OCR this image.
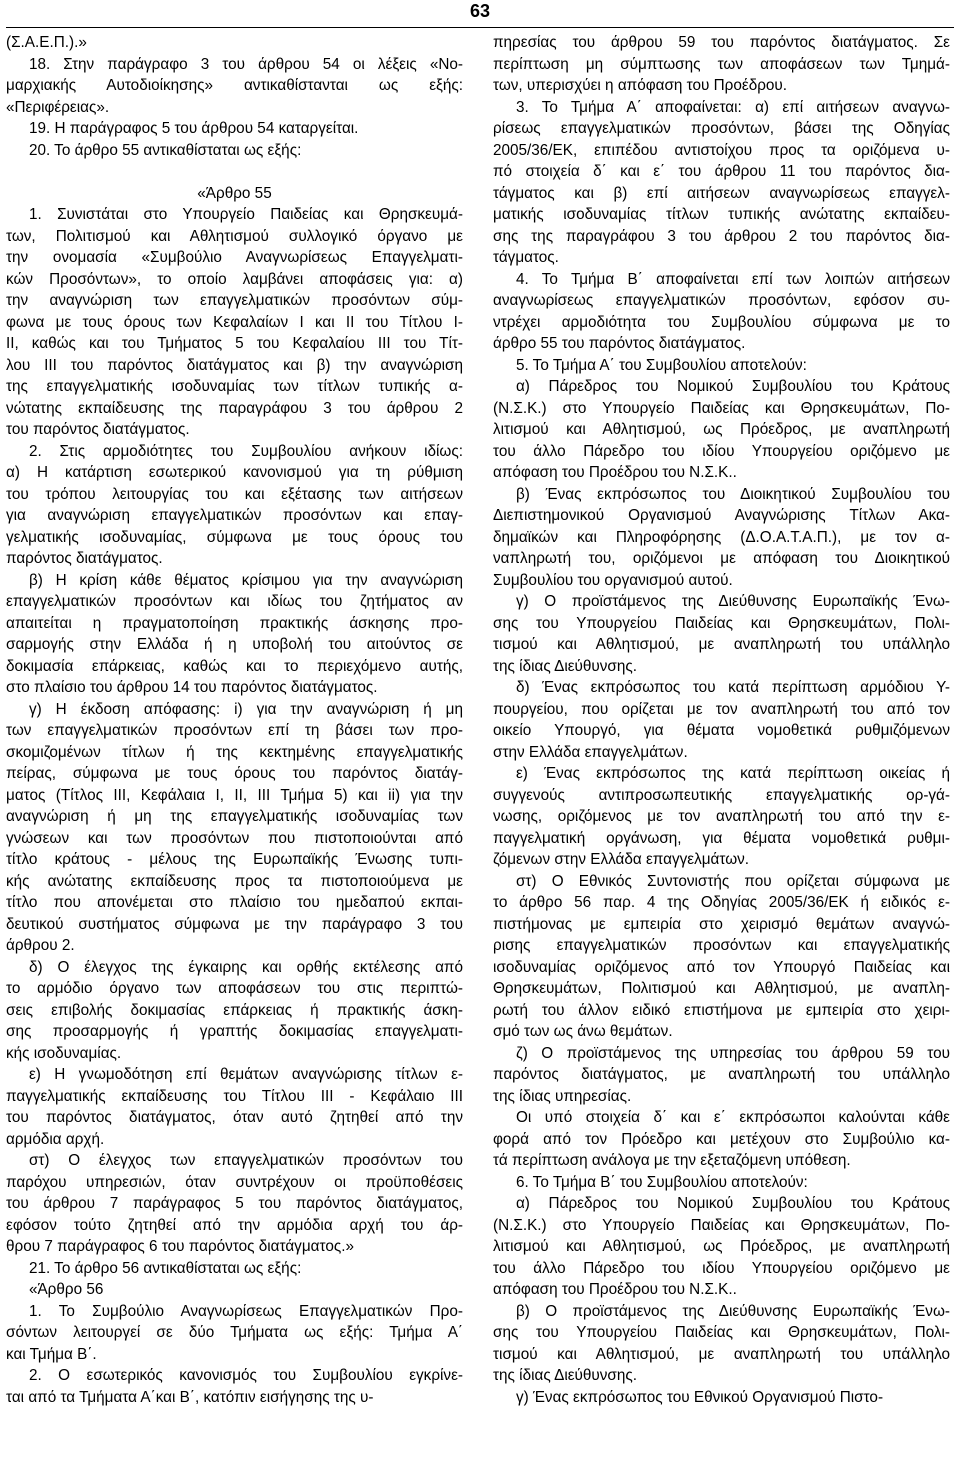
63
(Σ.Α.Ε.Π.).»
  18. Στην παράγραφο 3 του άρθρου 54 οι λέξεις «Νο-
μαρχιακής Αυτοδιοίκησης» αντικαθίστανται ως εξής:
«Περιφέρειας».
  19. Η παράγραφος 5 του άρθρου 54 καταργείται.
  20. Το άρθρο 55 αντικαθίσταται ως εξής:
«Άρθρο 55
  1. Συνιστάται στο Υπουργείο Παιδείας και Θρησκευμά-
των, Πολιτισμού και Αθλητισμού συλλογικό όργανο με
την ονομασία «Συμβούλιο Αναγνωρίσεως Επαγγελματι-
κών Προσόντων», το οποίο λαμβάνει αποφάσεις για: α)
την αναγνώριση των επαγγελματικών προσόντων σύμ-
φωνα με τους όρους των Κεφαλαίων Ι και ΙΙ του Τίτλου Ι-
ΙΙ, καθώς και του Τμήματος 5 του Κεφαλαίου ΙΙΙ του Τίτ-
λου ΙΙΙ του παρόντος διατάγματος και β) την αναγνώριση
της επαγγελματικής ισοδυναμίας των τίτλων τυπικής α-
νώτατης εκπαίδευσης της παραγράφου 3 του άρθρου 2
του παρόντος διατάγματος.
  2. Στις αρμοδιότητες του Συμβουλίου ανήκουν ιδίως:
α) Η κατάρτιση εσωτερικού κανονισμού για τη ρύθμιση
του τρόπου λειτουργίας του και εξέτασης των αιτήσεων
για αναγνώριση επαγγελματικών προσόντων και επαγ-
γελματικής ισοδυναμίας, σύμφωνα με τους όρους του
παρόντος διατάγματος.
  β) Η κρίση κάθε θέματος κρίσιμου για την αναγνώριση
επαγγελματικών προσόντων και ιδίως του ζητήματος αν
απαιτείται η πραγματοποίηση πρακτικής άσκησης προ-
σαρμογής στην Ελλάδα ή η υποβολή του αιτούντος σε
δοκιμασία επάρκειας, καθώς και το περιεχόμενο αυτής,
στο πλαίσιο του άρθρου 14 του παρόντος διατάγματος.
  γ) Η έκδοση απόφασης: i) για την αναγνώριση ή μη
των επαγγελματικών προσόντων επί τη βάσει των προ-
σκομιζομένων τίτλων ή της κεκτημένης επαγγελματικής
πείρας, σύμφωνα με τους όρους του παρόντος διατάγ-
ματος (Τίτλος ΙΙΙ, Κεφάλαια Ι, ΙΙ, ΙΙΙ Τμήμα 5) και ii) για την
αναγνώριση ή μη της επαγγελματικής ισοδυναμίας των
γνώσεων και των προσόντων που πιστοποιούνται από
τίτλο κράτους - μέλους της Ευρωπαϊκής Ένωσης τυπι-
κής ανώτατης εκπαίδευσης προς τα πιστοποιούμενα με
τίτλο που απονέμεται στο πλαίσιο του ημεδαπού εκπαι-
δευτικού συστήματος σύμφωνα με την παράγραφο 3 του
άρθρου 2.
  δ) Ο έλεγχος της έγκαιρης και ορθής εκτέλεσης από
το αρμόδιο όργανο των αποφάσεων του στις περιπτώ-
σεις επιβολής δοκιμασίας επάρκειας ή πρακτικής άσκη-
σης προσαρμογής ή γραπτής δοκιμασίας επαγγελματι-
κής ισοδυναμίας.
  ε) Η γνωμοδότηση επί θεμάτων αναγνώρισης τίτλων ε-
παγγελματικής εκπαίδευσης του Τίτλου ΙΙΙ - Κεφάλαιο ΙΙΙ
του παρόντος διατάγματος, όταν αυτό ζητηθεί από την
αρμόδια αρχή.
  στ) Ο έλεγχος των επαγγελματικών προσόντων του
παρόχου υπηρεσιών, όταν συντρέχουν οι προϋποθέσεις
του άρθρου 7 παράγραφος 5 του παρόντος διατάγματος,
εφόσον τούτο ζητηθεί από την αρμόδια αρχή του άρ-
θρου 7 παράγραφος 6 του παρόντος διατάγματος.»
  21. Το άρθρο 56 αντικαθίσταται ως εξής:
  «Άρθρο 56
  1. Το Συμβούλιο Αναγνωρίσεως Επαγγελματικών Προ-
σόντων λειτουργεί σε δύο Τμήματα ως εξής: Τμήμα Α΄
και Τμήμα Β΄.
  2. Ο εσωτερικός κανονισμός του Συμβουλίου εγκρίνε-
ται από τα Τμήματα Α΄και Β΄, κατόπιν εισήγησης της υ-
πηρεσίας του άρθρου 59 του παρόντος διατάγματος. Σε
περίπτωση μη σύμπτωσης των αποφάσεων των Τμημά-
των, υπερισχύει η απόφαση του Προέδρου.
  3. Το Τμήμα Α΄ αποφαίνεται: α) επί αιτήσεων αναγνω-
ρίσεως επαγγελματικών προσόντων, βάσει της Οδηγίας
2005/36/ΕΚ, επιπέδου αντιστοίχου προς τα οριζόμενα υ-
πό στοιχεία δ΄ και ε΄ του άρθρου 11 του παρόντος δια-
τάγματος και β) επί αιτήσεων αναγνωρίσεως επαγγελ-
ματικής ισοδυναμίας τίτλων τυπικής ανώτατης εκπαίδευ-
σης της παραγράφου 3 του άρθρου 2 του παρόντος δια-
τάγματος.
  4. Το Τμήμα Β΄ αποφαίνεται επί των λοιπών αιτήσεων
αναγνωρίσεως επαγγελματικών προσόντων, εφόσον συ-
ντρέχει αρμοδιότητα του Συμβουλίου σύμφωνα με το
άρθρο 55 του παρόντος διατάγματος.
  5. Το Τμήμα Α΄ του Συμβουλίου αποτελούν:
  α) Πάρεδρος του Νομικού Συμβουλίου του Κράτους
(Ν.Σ.Κ.) στο Υπουργείο Παιδείας και Θρησκευμάτων, Πο-
λιτισμού και Αθλητισμού, ως Πρόεδρος, με αναπληρωτή
του άλλο Πάρεδρο του ιδίου Υπουργείου οριζόμενο με
απόφαση του Προέδρου του Ν.Σ.Κ..
  β) Ένας εκπρόσωπος του Διοικητικού Συμβουλίου του
Διεπιστημονικού Οργανισμού Αναγνώρισης Τίτλων Ακα-
δημαϊκών και Πληροφόρησης (Δ.Ο.Α.Τ.Α.Π.), με τον α-
ναπληρωτή του, οριζόμενοι με απόφαση του Διοικητικού
Συμβουλίου του οργανισμού αυτού.
  γ) Ο προϊστάμενος της Διεύθυνσης Ευρωπαϊκής Ένω-
σης του Υπουργείου Παιδείας και Θρησκευμάτων, Πολι-
τισμού και Αθλητισμού, με αναπληρωτή του υπάλληλο
της ίδιας Διεύθυνσης.
  δ) Ένας εκπρόσωπος του κατά περίπτωση αρμόδιου Υ-
πουργείου, που ορίζεται με τον αναπληρωτή του από τον
οικείο Υπουργό, για θέματα νομοθετικά ρυθμιζόμενων
στην Ελλάδα επαγγελμάτων.
  ε) Ένας εκπρόσωπος της κατά περίπτωση οικείας ή
συγγενούς αντιπροσωπευτικής επαγγελματικής ορ-γά-
νωσης, οριζόμενος με τον αναπληρωτή του από την ε-
παγγελματική οργάνωση, για θέματα νομοθετικά ρυθμι-
ζόμενων στην Ελλάδα επαγγελμάτων.
  στ) Ο Εθνικός Συντονιστής που ορίζεται σύμφωνα με
το άρθρο 56 παρ. 4 της Οδηγίας 2005/36/ΕΚ ή ειδικός ε-
πιστήμονας με εμπειρία στο χειρισμό θεμάτων αναγνώ-
ρισης επαγγελματικών προσόντων και επαγγελματικής
ισοδυναμίας οριζόμενος από τον Υπουργό Παιδείας και
Θρησκευμάτων, Πολιτισμού και Αθλητισμού, με αναπλη-
ρωτή του άλλον ειδικό επιστήμονα με εμπειρία στο χειρι-
σμό των ως άνω θεμάτων.
  ζ) Ο προϊστάμενος της υπηρεσίας του άρθρου 59 του
παρόντος διατάγματος, με αναπληρωτή του υπάλληλο
της ίδιας υπηρεσίας.
  Οι υπό στοιχεία δ΄ και ε΄ εκπρόσωποι καλούνται κάθε
φορά από τον Πρόεδρο και μετέχουν στο Συμβούλιο κα-
τά περίπτωση ανάλογα με την εξεταζόμενη υπόθεση.
  6. Το Τμήμα Β΄ του Συμβουλίου αποτελούν:
  α) Πάρεδρος του Νομικού Συμβουλίου του Κράτους
(Ν.Σ.Κ.) στο Υπουργείο Παιδείας και Θρησκευμάτων, Πο-
λιτισμού και Αθλητισμού, ως Πρόεδρος, με αναπληρωτή
του άλλο Πάρεδρο του ιδίου Υπουργείου οριζόμενο με
απόφαση του Προέδρου του Ν.Σ.Κ..
  β) Ο προϊστάμενος της Διεύθυνσης Ευρωπαϊκής Ένω-
σης του Υπουργείου Παιδείας και Θρησκευμάτων, Πολι-
τισμού και Αθλητισμού, με αναπληρωτή του υπάλληλο
της ίδιας Διεύθυνσης.
  γ) Ένας εκπρόσωπος του Εθνικού Οργανισμού Πιστο-
